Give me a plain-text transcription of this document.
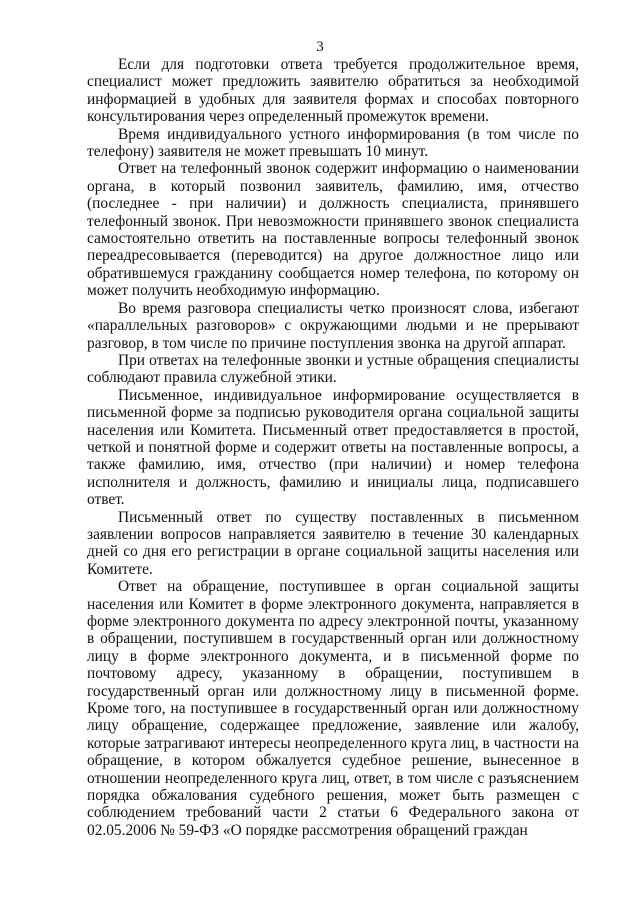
3

Если для подготовки ответа требуется продолжительное время, специалист может предложить заявителю обратиться за необходимой информацией в удобных для заявителя формах и способах повторного консультирования через определенный промежуток времени.

Время индивидуального устного информирования (в том числе по телефону) заявителя не может превышать 10 минут.

Ответ на телефонный звонок содержит информацию о наименовании органа, в который позвонил заявитель, фамилию, имя, отчество (последнее - при наличии) и должность специалиста, принявшего телефонный звонок. При невозможности принявшего звонок специалиста самостоятельно ответить на поставленные вопросы телефонный звонок переадресовывается (переводится) на другое должностное лицо или обратившемуся гражданину сообщается номер телефона, по которому он может получить необходимую информацию.

Во время разговора специалисты четко произносят слова, избегают «параллельных разговоров» с окружающими людьми и не прерывают разговор, в том числе по причине поступления звонка на другой аппарат.

При ответах на телефонные звонки и устные обращения специалисты соблюдают правила служебной этики.

Письменное, индивидуальное информирование осуществляется в письменной форме за подписью руководителя органа социальной защиты населения или Комитета. Письменный ответ предоставляется в простой, четкой и понятной форме и содержит ответы на поставленные вопросы, а также фамилию, имя, отчество (при наличии) и номер телефона исполнителя и должность, фамилию и инициалы лица, подписавшего ответ.

Письменный ответ по существу поставленных в письменном заявлении вопросов направляется заявителю в течение 30 календарных дней со дня его регистрации в органе социальной защиты населения или Комитете.

Ответ на обращение, поступившее в орган социальной защиты населения или Комитет в форме электронного документа, направляется в форме электронного документа по адресу электронной почты, указанному в обращении, поступившем в государственный орган или должностному лицу в форме электронного документа, и в письменной форме по почтовому адресу, указанному в обращении, поступившем в государственный орган или должностному лицу в письменной форме. Кроме того, на поступившее в государственный орган или должностному лицу обращение, содержащее предложение, заявление или жалобу, которые затрагивают интересы неопределенного круга лиц, в частности на обращение, в котором обжалуется судебное решение, вынесенное в отношении неопределенного круга лиц, ответ, в том числе с разъяснением порядка обжалования судебного решения, может быть размещен с соблюдением требований части 2 статьи 6 Федерального закона от 02.05.2006 № 59-ФЗ «О порядке рассмотрения обращений граждан
